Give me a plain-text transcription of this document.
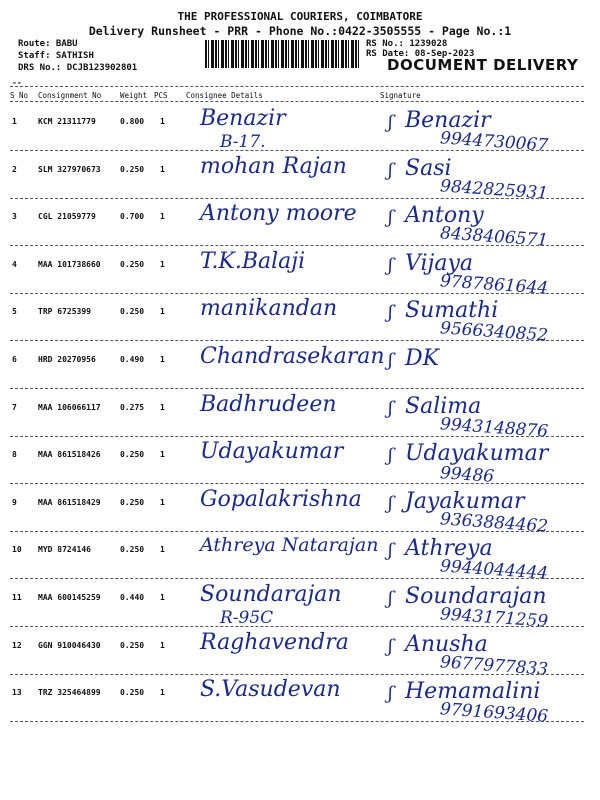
THE PROFESSIONAL COURIERS, COIMBATORE
Delivery Runsheet - PRR - Phone No.:0422-3505555 - Page No.:1
Route: BABU
Staff: SATHISH
DRS No.: DCJB123902801
RS No.: 1239028
RS Date: 08-Sep-2023
DOCUMENT DELIVERY
--
S No Consignment No	Weight PCS Consignee Details	Signature
1	KCM 21311779	0.800 1 Benazir
B-17.
ʃ Benazir
9944730067
2	SLM 327970673 0.250 1 mohan Rajan ʃ Sasi
9842825931
3	CGL 21059779	0.700 1 Antony moore ʃ Antony
8438406571
4	MAA 101738660 0.250 1 T.K.Balaji	ʃ Vijaya
9787861644
5	TRP 6725399	0.250 1 manikandan	ʃ Sumathi
9566340852
6	HRD 20270956	0.490 1 Chandrasekaran ʃ DK
7	MAA 106066117 0.275 1 Badhrudeen	ʃ Salima
9943148876
8	MAA 861518426 0.250 1 Udayakumar ʃ Udayakumar
99486
9	MAA 861518429 0.250 1 Gopalakrishna ʃ Jayakumar
9363884462
10 MYD 8724146	0.250 1 Athreya Natarajan ʃ Athreya
9944044444
11 MAA 600145259 0.440 1 Soundarajan
R-95C
ʃ Soundarajan
9943171259
12 GGN 910046430 0.250 1 Raghavendra ʃ Anusha
9677977833
13 TRZ 325464899 0.250 1 S.Vasudevan	ʃ Hemamalini
9791693406
